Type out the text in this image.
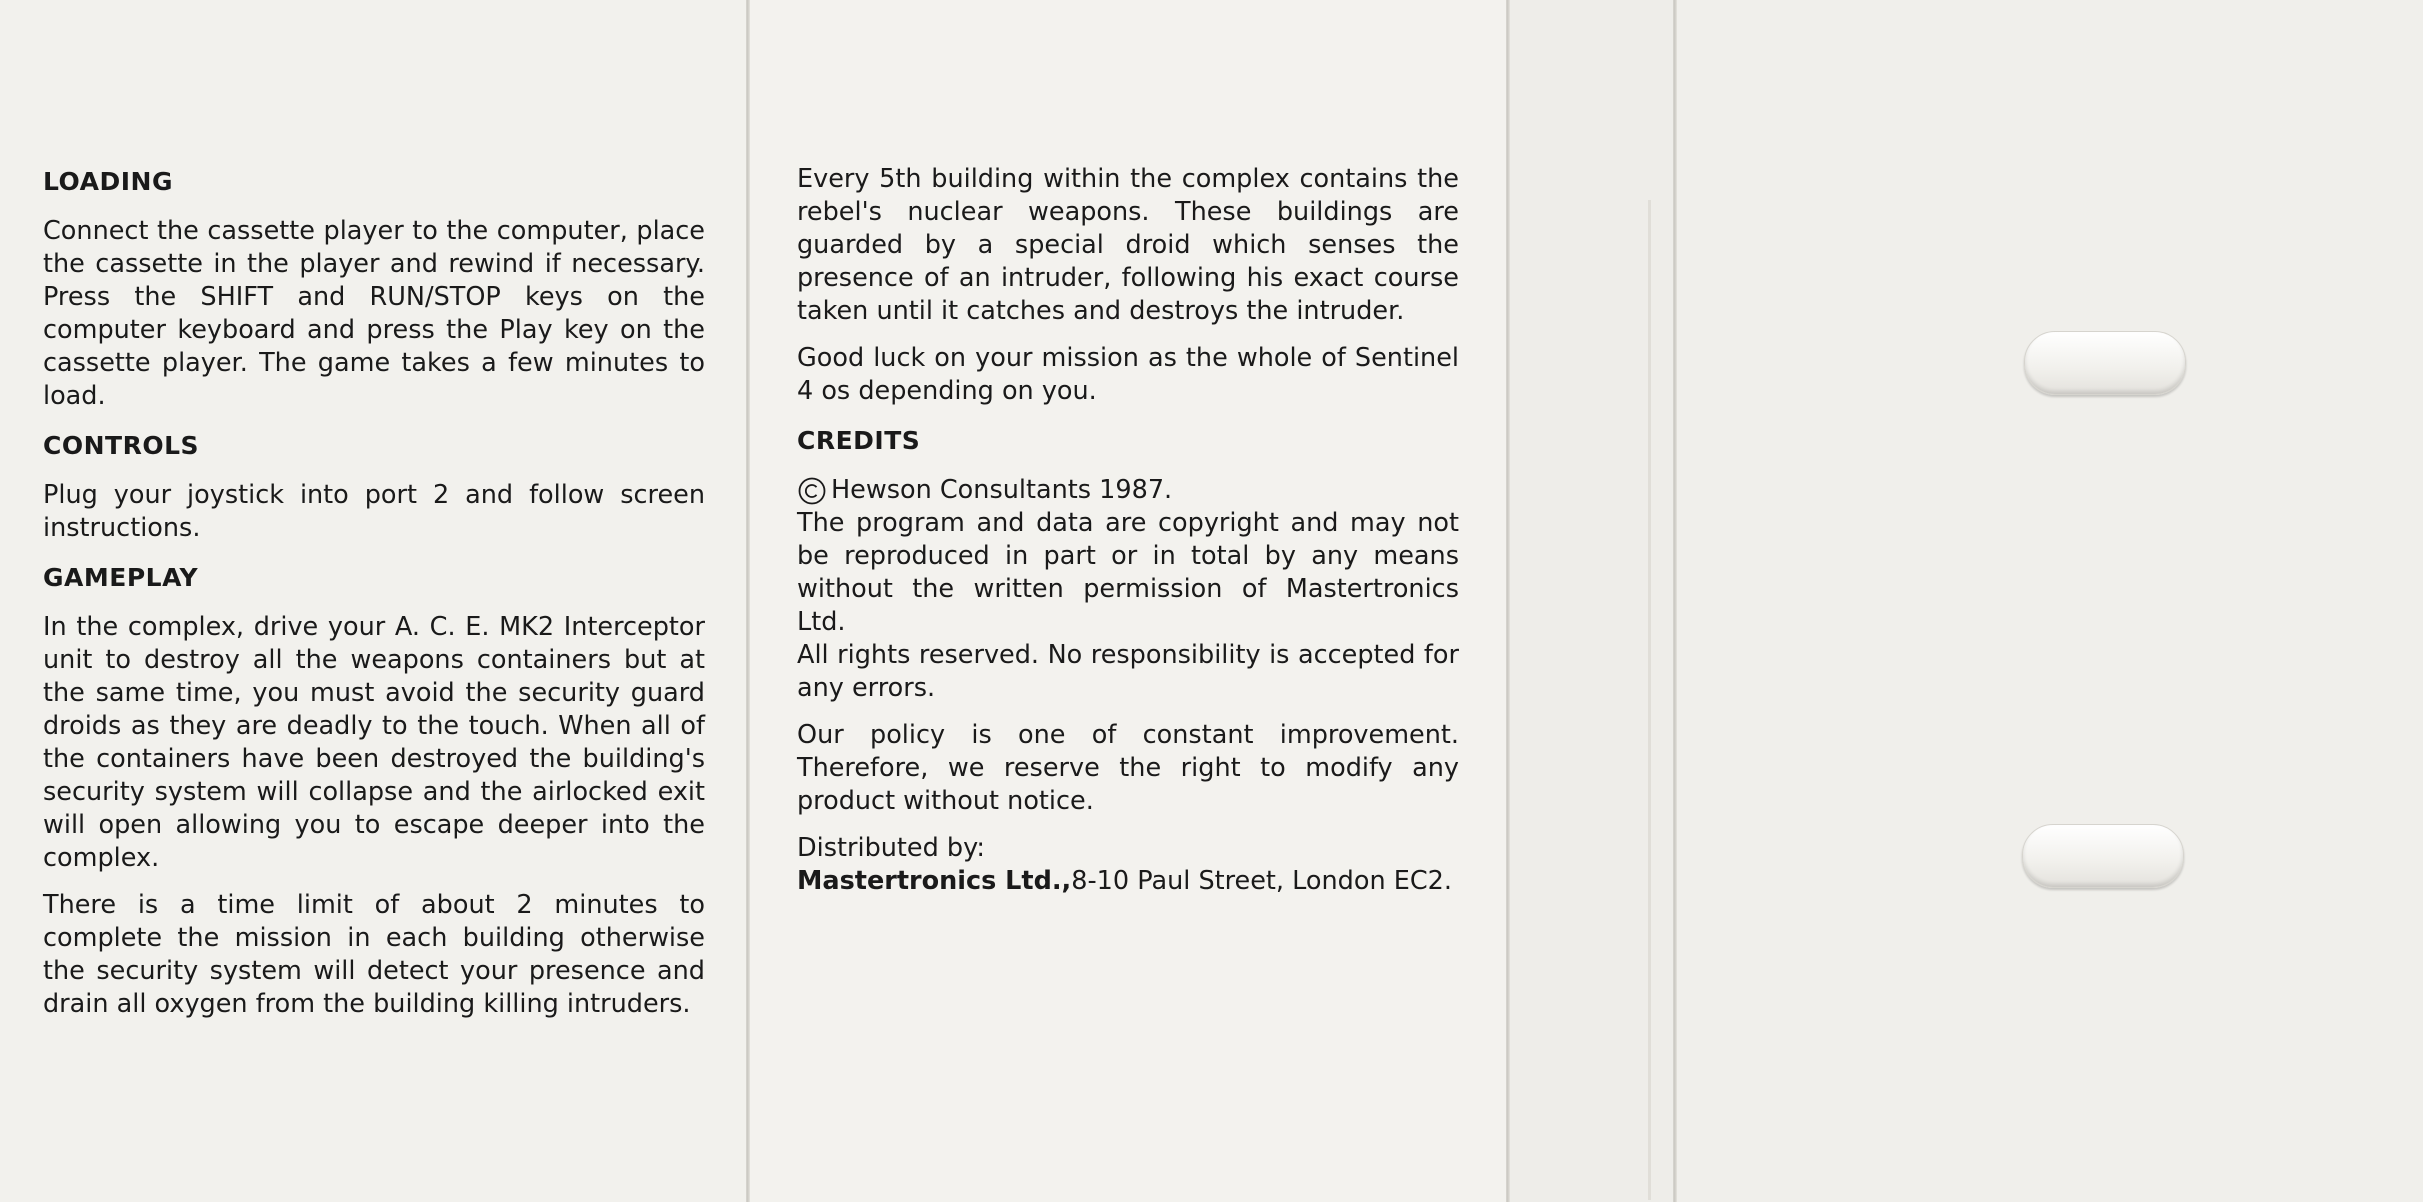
LOADING
Connect the cassette player to the computer, place the cassette in the player and rewind if necessary. Press the SHIFT and RUN/STOP keys on the computer keyboard and press the Play key on the cassette player. The game takes a few minutes to load.
CONTROLS
Plug your joystick into port 2 and follow screen instructions.
GAMEPLAY
In the complex, drive your A. C. E. MK2 Interceptor unit to destroy all the weapons containers but at the same time, you must avoid the security guard droids as they are deadly to the touch. When all of the containers have been destroyed the building's security system will collapse and the airlocked exit will open allowing you to escape deeper into the complex.
There is a time limit of about 2 minutes to complete the mission in each building otherwise the security system will detect your presence and drain all oxygen from the building killing intruders.
Every 5th building within the complex contains the rebel's nuclear weapons. These buildings are guarded by a special droid which senses the presence of an intruder, following his exact course taken until it catches and destroys the intruder.
Good luck on your mission as the whole of Sentinel 4 os depending on you.
CREDITS
Hewson Consultants 1987.
The program and data are copyright and may not be reproduced in part or in total by any means without the written permission of Mastertronics Ltd.
All rights reserved. No responsibility is accepted for any errors.
Our policy is one of constant improvement. Therefore, we reserve the right to modify any product without notice.
Distributed by:
Mastertronics Ltd.,8-10 Paul Street, London EC2.
